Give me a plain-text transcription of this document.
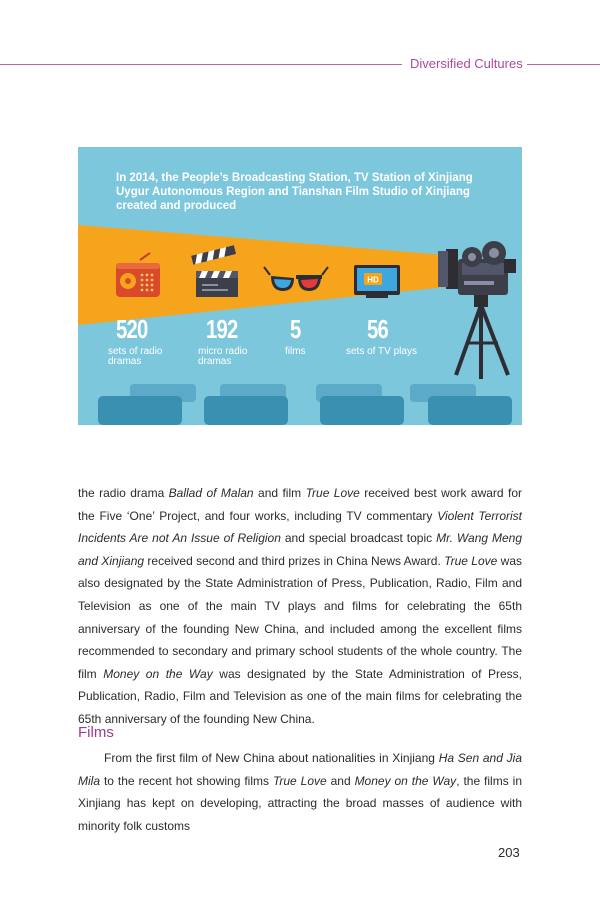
Diversified Cultures
HD
In 2014, the People’s Broadcasting Station, TV Station of Xinjiang Uygur Autonomous Region and Tianshan Film Studio of Xinjiang created and produced
520
sets of radio dramas
192
micro radio dramas
5
films
56
sets of TV plays
the radio drama Ballad of Malan and film True Love received best work award for the Five ‘One’ Project, and four works, including TV commentary Violent Terrorist Incidents Are not An Issue of Religion and special broadcast topic Mr. Wang Meng and Xinjiang received second and third prizes in China News Award. True Love was also designated by the State Administration of Press, Publication, Radio, Film and Television as one of the main TV plays and films for celebrating the 65th anniversary of the founding New China, and included among the excellent films recommended to secondary and primary school students of the whole country. The film Money on the Way was designated by the State Administration of Press, Publication, Radio, Film and Television as one of the main films for celebrating the 65th anniversary of the founding New China.
Films
From the first film of New China about nationalities in Xinjiang Ha Sen and Jia Mila to the recent hot showing films True Love and Money on the Way, the films in Xinjiang has kept on developing, attracting the broad masses of audience with minority folk customs
203
